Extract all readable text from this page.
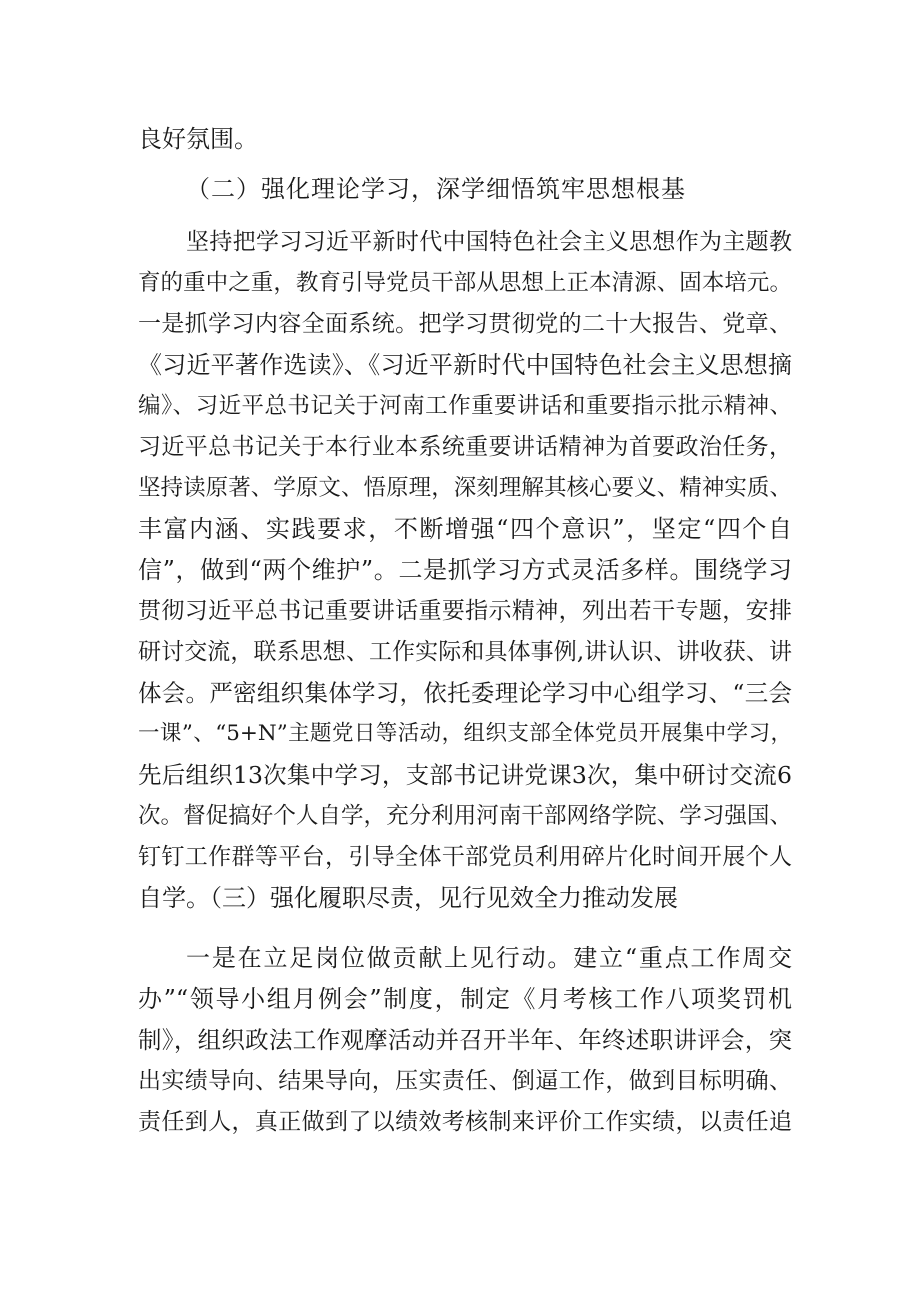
良好氛围。
（二）强化理论学习，深学细悟筑牢思想根基
坚持把学习习近平新时代中国特色社会主义思想作为主题教
育的重中之重，教育引导党员干部从思想上正本清源、固本培元。
一是抓学习内容全面系统。把学习贯彻党的二十大报告、党章、
《习近平著作选读》、《习近平新时代中国特色社会主义思想摘
编》、习近平总书记关于河南工作重要讲话和重要指示批示精神、
习近平总书记关于本行业本系统重要讲话精神为首要政治任务，
坚持读原著、学原文、悟原理，深刻理解其核心要义、精神实质、
丰富内涵、实践要求，不断增强“四个意识”，坚定“四个自
信”，做到“两个维护”。二是抓学习方式灵活多样。围绕学习
贯彻习近平总书记重要讲话重要指示精神，列出若干专题，安排
研讨交流，联系思想、工作实际和具体事例,讲认识、讲收获、讲
体会。严密组织集体学习，依托委理论学习中心组学习、“三会
一课”、“5+N”主题党日等活动，组织支部全体党员开展集中学习，
先后组织13次集中学习，支部书记讲党课3次，集中研讨交流6
次。督促搞好个人自学，充分利用河南干部网络学院、学习强国、
钉钉工作群等平台，引导全体干部党员利用碎片化时间开展个人
自学。（三）强化履职尽责，见行见效全力推动发展
一是在立足岗位做贡献上见行动。建立“重点工作周交
办”“领导小组月例会”制度，制定《月考核工作八项奖罚机
制》，组织政法工作观摩活动并召开半年、年终述职讲评会，突
出实绩导向、结果导向，压实责任、倒逼工作，做到目标明确、
责任到人，真正做到了以绩效考核制来评价工作实绩，以责任追
